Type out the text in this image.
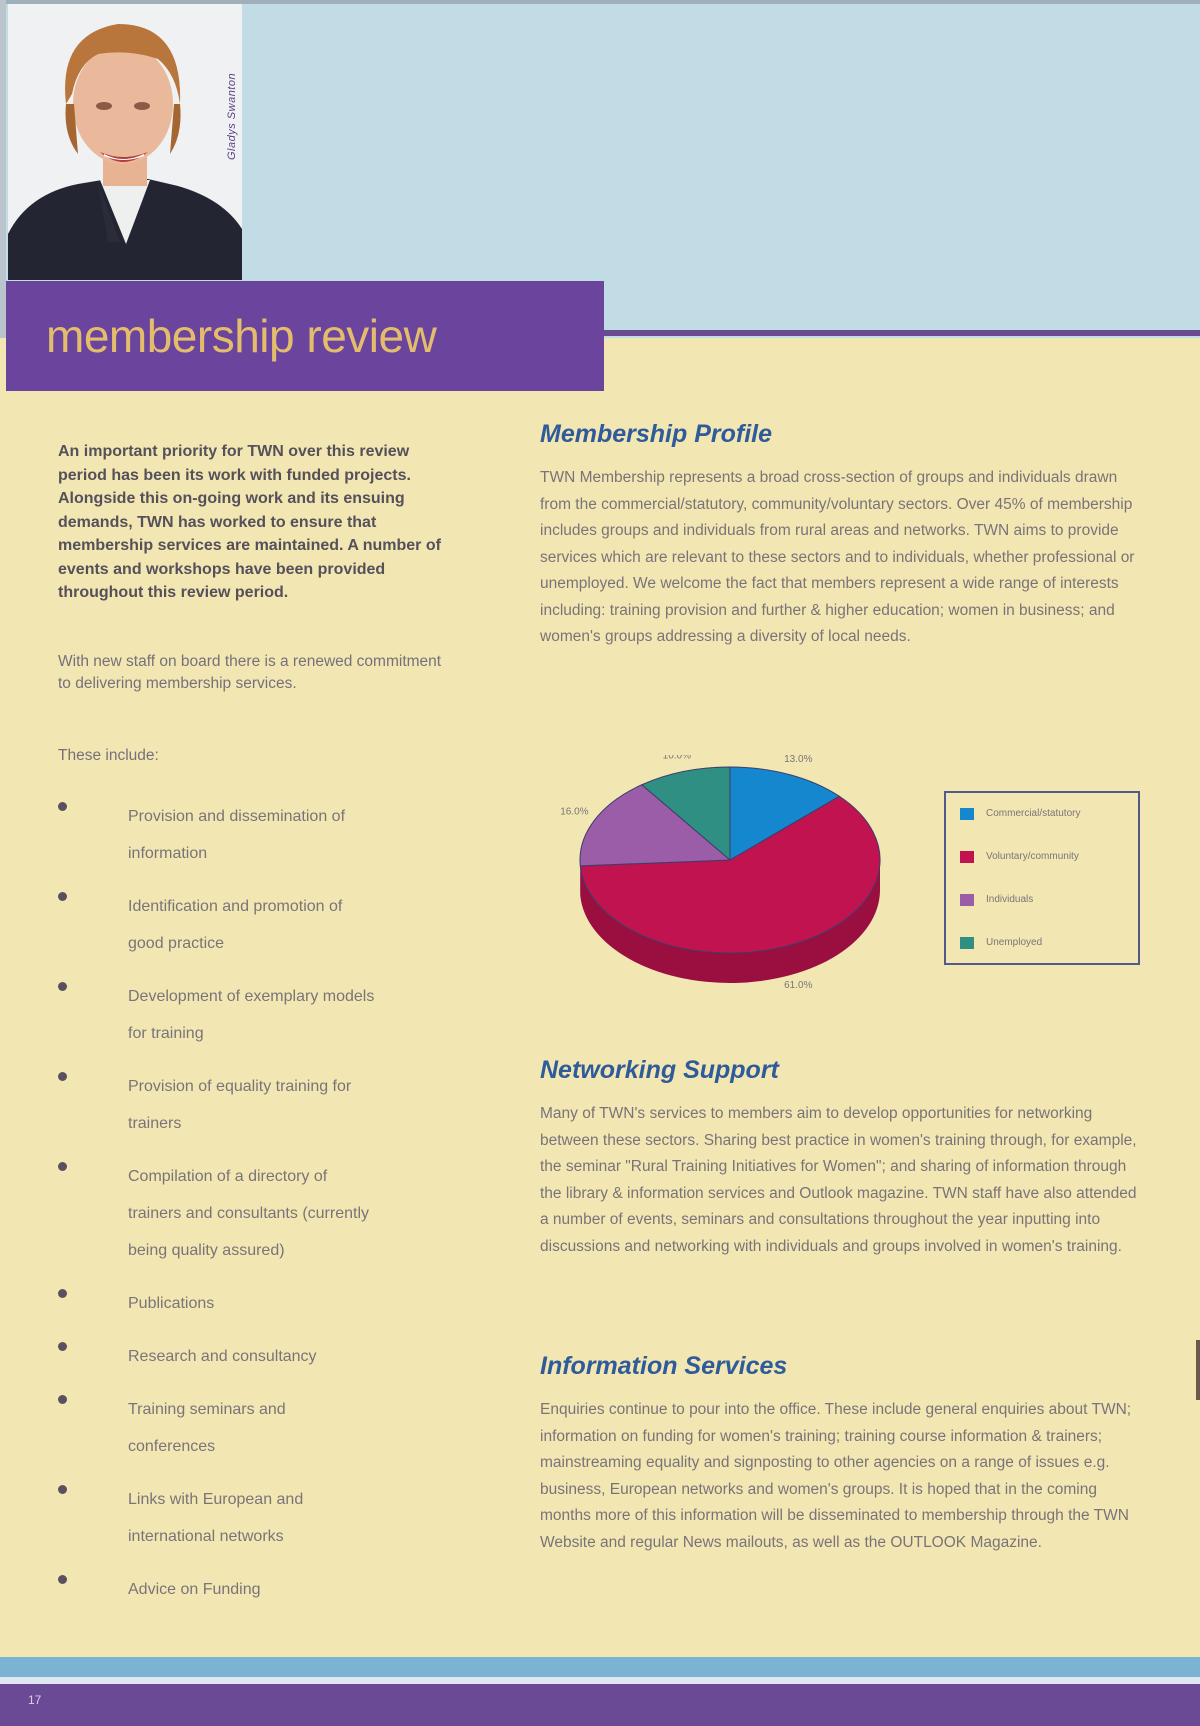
Gladys Swanton
membership review

An important priority for TWN over this review period has been its work with funded projects. Alongside this on-going work and its ensuing demands, TWN has worked to ensure that membership services are maintained. A number of events and workshops have been provided throughout this review period.

With new staff on board there is a renewed commitment to delivering membership services.

These include:

Provision and dissemination of information
Identification and promotion of good practice
Development of exemplary models for training
Provision of equality training for trainers
Compilation of a directory of trainers and consultants (currently being quality assured)
Publications
Research and consultancy
Training seminars and conferences
Links with European and international networks
Advice on Funding
Membership Profile

TWN Membership represents a broad cross-section of groups and individuals drawn from the commercial/statutory, community/voluntary sectors. Over 45% of membership includes groups and individuals from rural areas and networks. TWN aims to provide services which are relevant to these sectors and to individuals, whether professional or unemployed. We welcome the fact that members represent a wide range of interests including: training provision and further & higher education; women in business; and women's groups addressing a diversity of local needs.

13.0%
61.0%
16.0%
10.0%
Commercial/statutory
Voluntary/community
Individuals
Unemployed
Networking Support

Many of TWN's services to members aim to develop opportunities for networking between these sectors. Sharing best practice in women's training through, for example, the seminar "Rural Training Initiatives for Women"; and sharing of information through the library & information services and Outlook magazine. TWN staff have also attended a number of events, seminars and consultations throughout the year inputting into discussions and networking with individuals and groups involved in women's training.

Information Services

Enquiries continue to pour into the office. These include general enquiries about TWN; information on funding for women's training; training course information & trainers; mainstreaming equality and signposting to other agencies on a range of issues e.g. business, European networks and women's groups. It is hoped that in the coming months more of this information will be disseminated to membership through the TWN Website and regular News mailouts, as well as the OUTLOOK Magazine.

17
